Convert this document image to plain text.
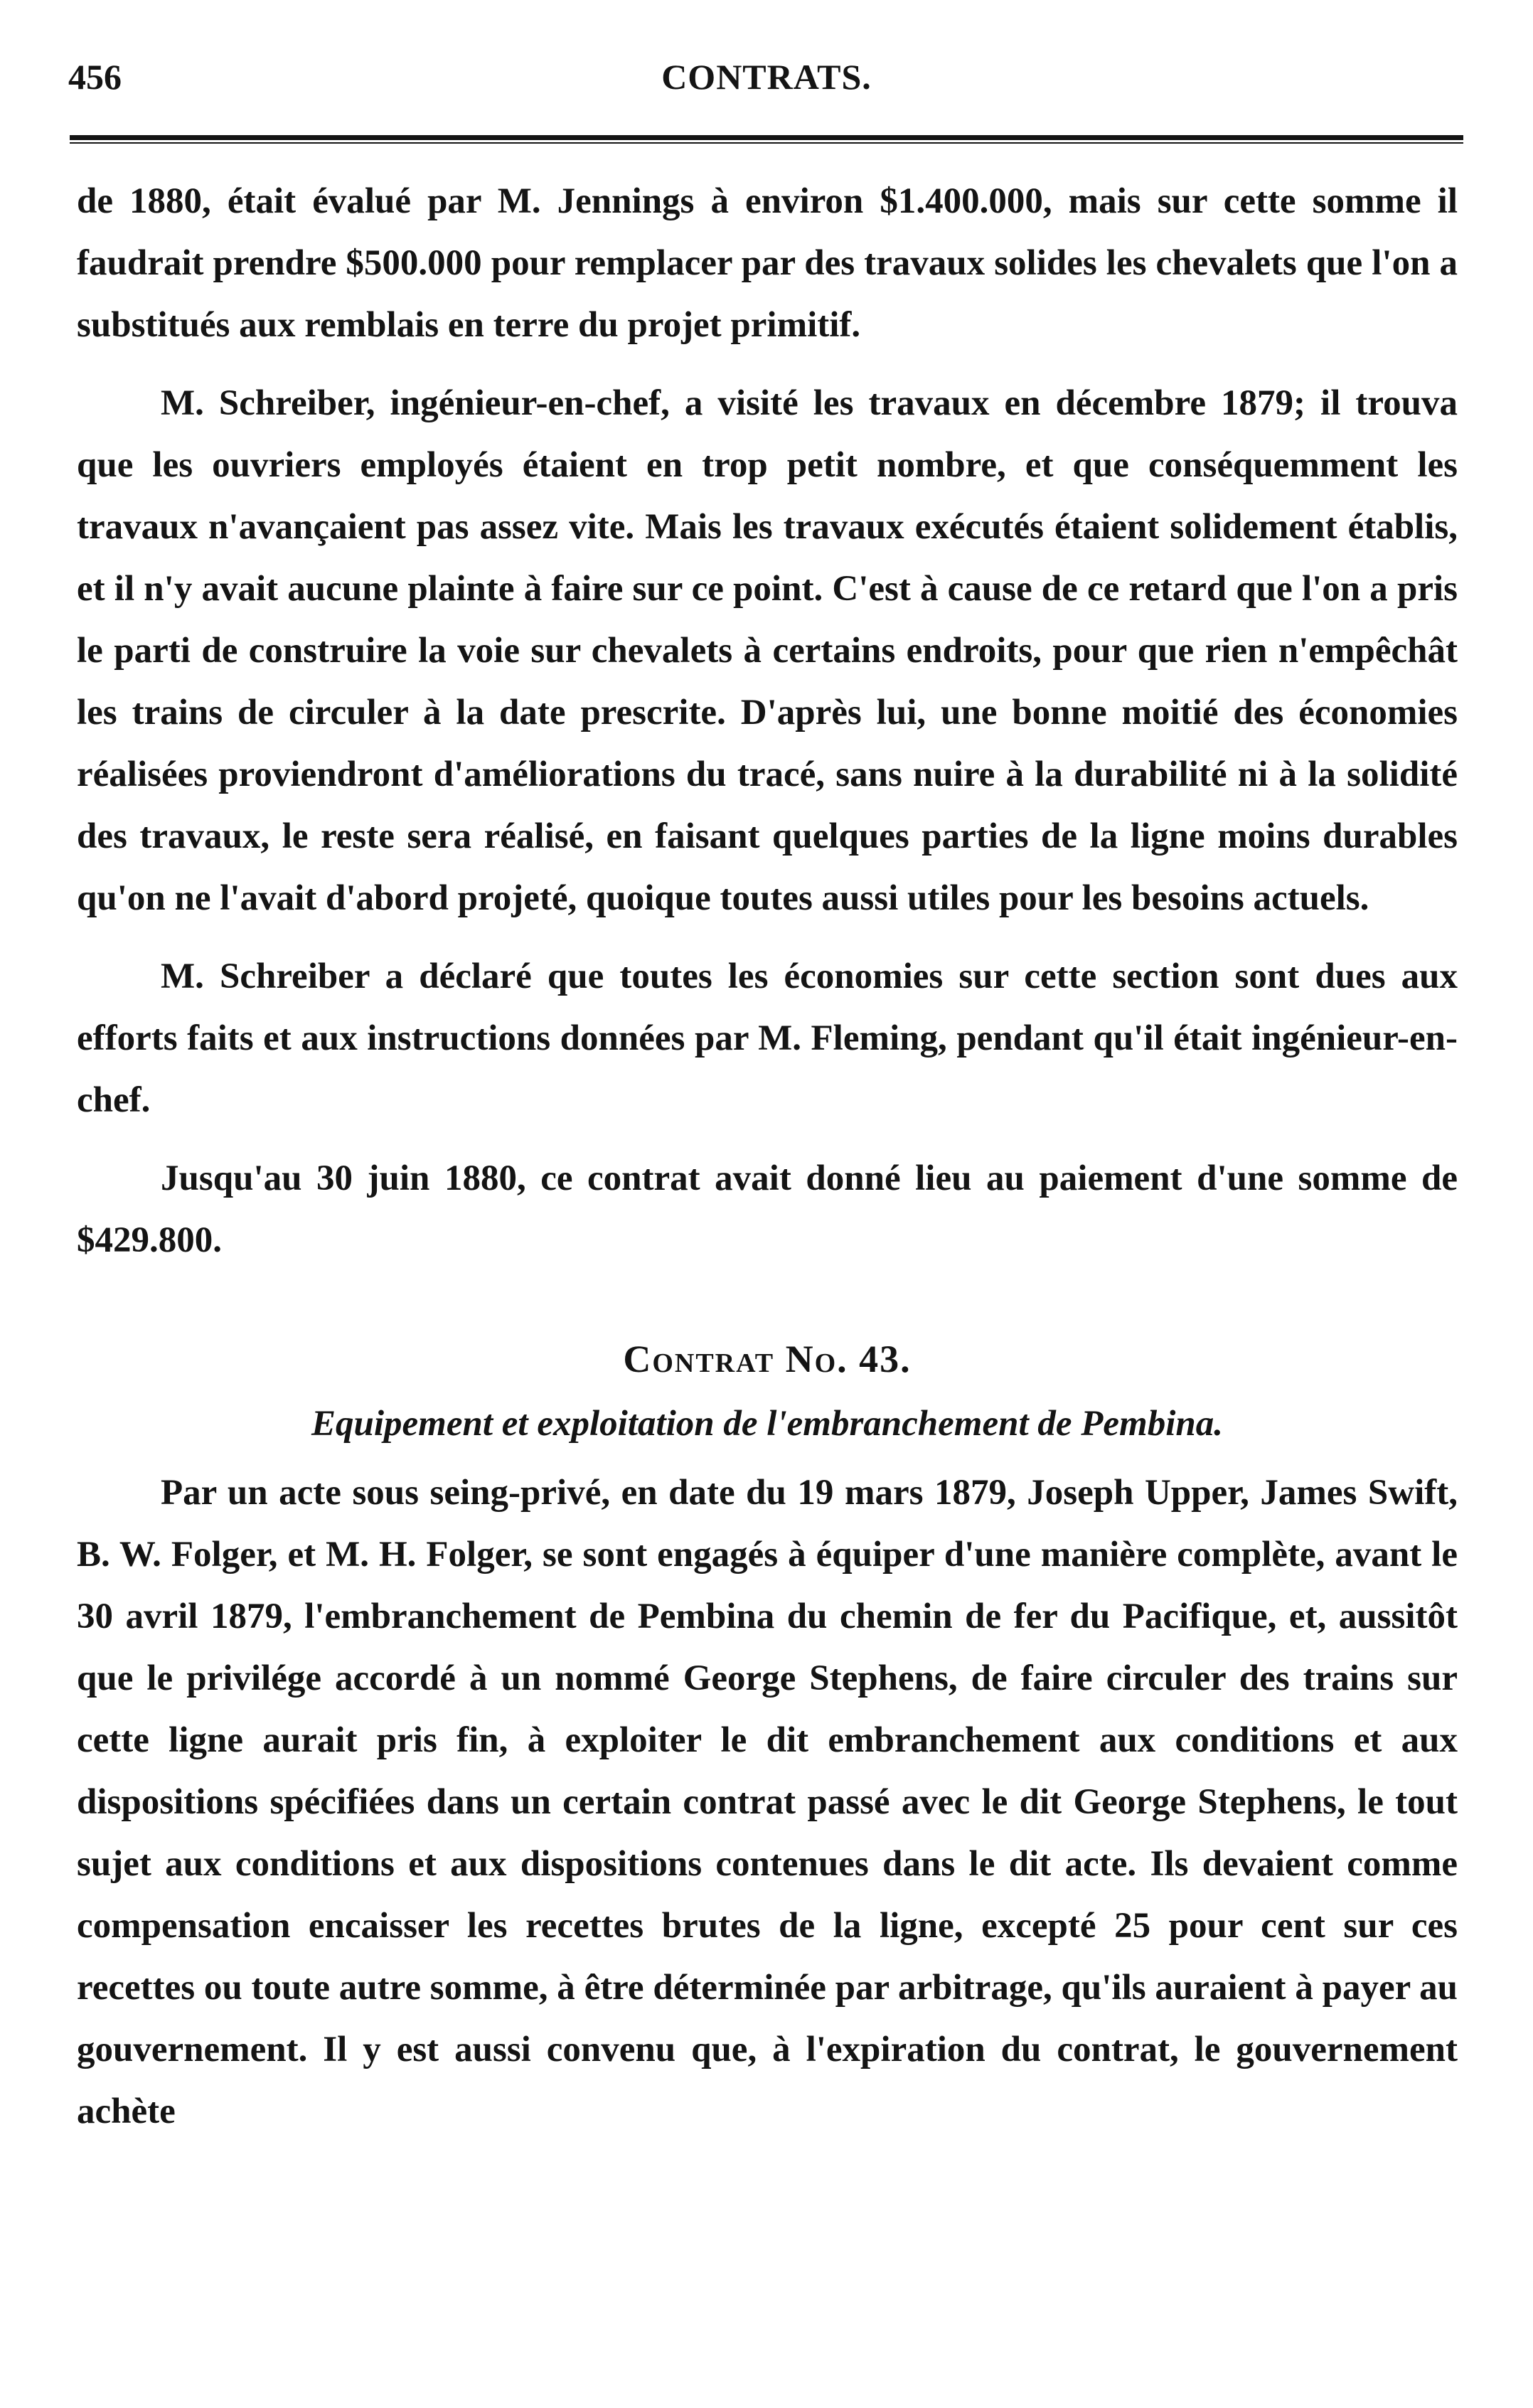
456	CONTRATS.

de 1880, était évalué par M. Jennings à environ $1.400.000, mais sur cette somme il faudrait prendre $500.000 pour remplacer par des travaux solides les chevalets que l'on a substitués aux remblais en terre du projet primitif.

M. Schreiber, ingénieur-en-chef, a visité les travaux en décembre 1879; il trouva que les ouvriers employés étaient en trop petit nombre, et que conséquemment les travaux n'avançaient pas assez vite. Mais les travaux exécutés étaient solidement établis, et il n'y avait aucune plainte à faire sur ce point. C'est à cause de ce retard que l'on a pris le parti de construire la voie sur chevalets à certains endroits, pour que rien n'empêchât les trains de circuler à la date prescrite. D'après lui, une bonne moitié des économies réalisées proviendront d'améliorations du tracé, sans nuire à la durabilité ni à la solidité des travaux, le reste sera réalisé, en faisant quelques parties de la ligne moins durables qu'on ne l'avait d'abord projeté, quoique toutes aussi utiles pour les besoins actuels.

M. Schreiber a déclaré que toutes les économies sur cette section sont dues aux efforts faits et aux instructions données par M. Fleming, pendant qu'il était ingénieur-en-chef.

Jusqu'au 30 juin 1880, ce contrat avait donné lieu au paiement d'une somme de $429.800.

Contrat No. 43.
Equipement et exploitation de l'embranchement de Pembina.

Par un acte sous seing-privé, en date du 19 mars 1879, Joseph Upper, James Swift, B. W. Folger, et M. H. Folger, se sont engagés à équiper d'une manière complète, avant le 30 avril 1879, l'embranchement de Pembina du chemin de fer du Pacifique, et, aussitôt que le privilége accordé à un nommé George Stephens, de faire circuler des trains sur cette ligne aurait pris fin, à exploiter le dit embranchement aux conditions et aux dispositions spécifiées dans un certain contrat passé avec le dit George Stephens, le tout sujet aux conditions et aux dispositions contenues dans le dit acte. Ils devaient comme compensation encaisser les recettes brutes de la ligne, excepté 25 pour cent sur ces recettes ou toute autre somme, à être déterminée par arbitrage, qu'ils auraient à payer au gouvernement. Il y est aussi convenu que, à l'expiration du contrat, le gouvernement achète
